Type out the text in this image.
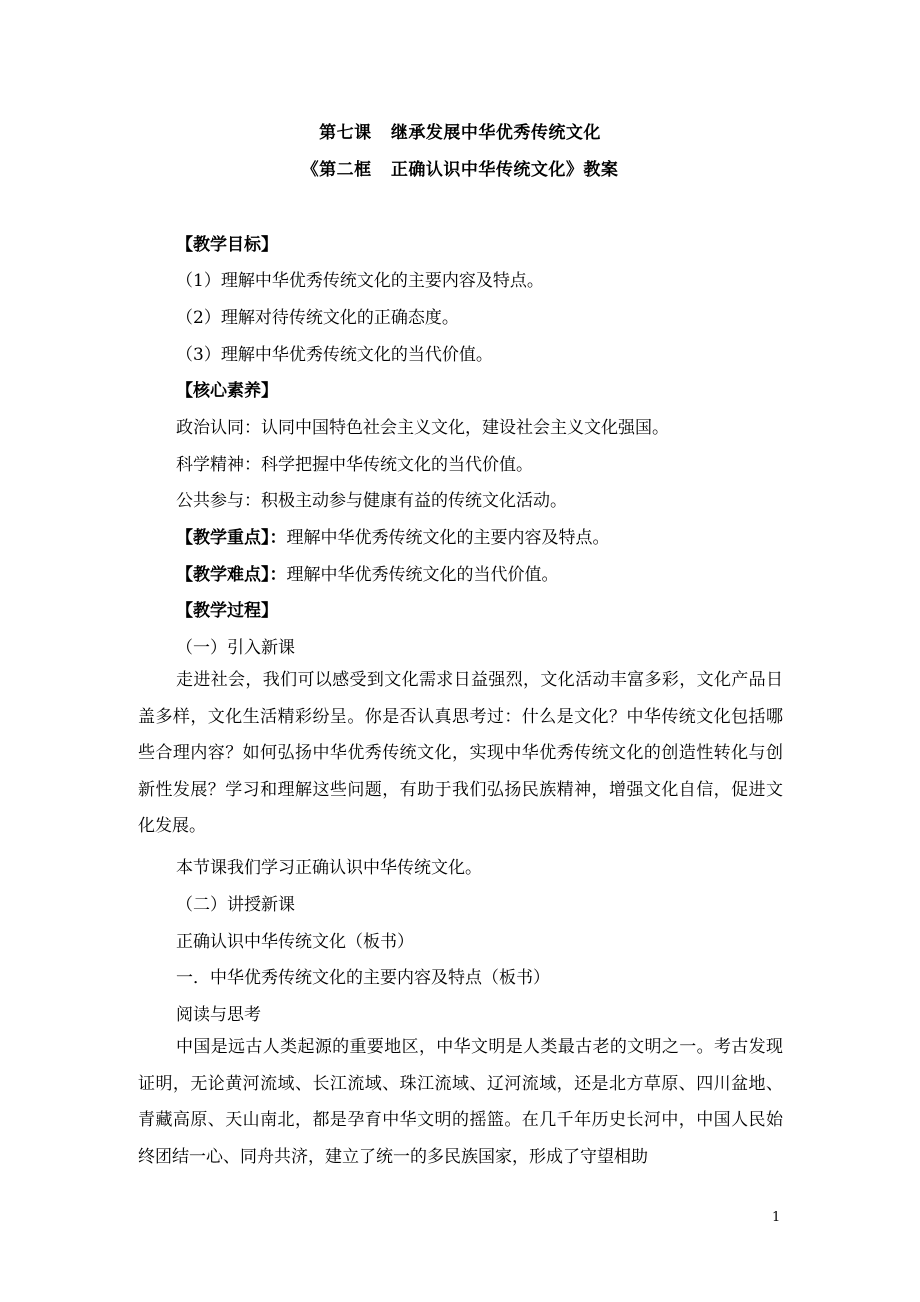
第七课   继承发展中华优秀传统文化
《第二框   正确认识中华传统文化》教案
【教学目标】
（1）理解中华优秀传统文化的主要内容及特点。
（2）理解对待传统文化的正确态度。
（3）理解中华优秀传统文化的当代价值。
【核心素养】
政治认同：认同中国特色社会主义文化，建设社会主义文化强国。
科学精神：科学把握中华传统文化的当代价值。
公共参与：积极主动参与健康有益的传统文化活动。
【教学重点】：理解中华优秀传统文化的主要内容及特点。
【教学难点】：理解中华优秀传统文化的当代价值。
【教学过程】
（一）引入新课
走进社会，我们可以感受到文化需求日益强烈，文化活动丰富多彩，文化产品日盖多样，文化生活精彩纷呈。你是否认真思考过：什么是文化？中华传统文化包括哪些合理内容？如何弘扬中华优秀传统文化，实现中华优秀传统文化的创造性转化与创新性发展？学习和理解这些问题，有助于我们弘扬民族精神，增强文化自信，促进文化发展。
本节课我们学习正确认识中华传统文化。
（二）讲授新课
正确认识中华传统文化（板书）
一．中华优秀传统文化的主要内容及特点（板书）
阅读与思考
中国是远古人类起源的重要地区，中华文明是人类最古老的文明之一。考古发现证明，无论黄河流域、长江流域、珠江流域、辽河流域，还是北方草原、四川盆地、青藏高原、天山南北，都是孕育中华文明的摇篮。在几千年历史长河中，中国人民始终团结一心、同舟共济，建立了统一的多民族国家，形成了守望相助
1
